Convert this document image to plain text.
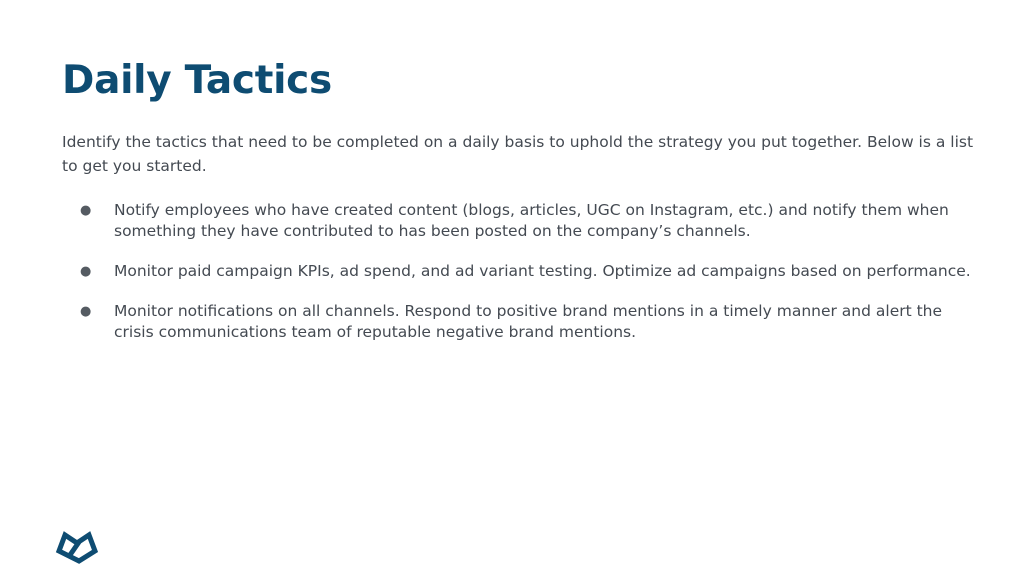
Daily Tactics

Identify the tactics that need to be completed on a daily basis to uphold the strategy you put together. Below is a list to get you started.

● Notify employees who have created content (blogs, articles, UGC on Instagram, etc.) and notify them when something they have contributed to has been posted on the company’s channels.
● Monitor paid campaign KPIs, ad spend, and ad variant testing. Optimize ad campaigns based on performance.
● Monitor notifications on all channels. Respond to positive brand mentions in a timely manner and alert the crisis communications team of reputable negative brand mentions.
